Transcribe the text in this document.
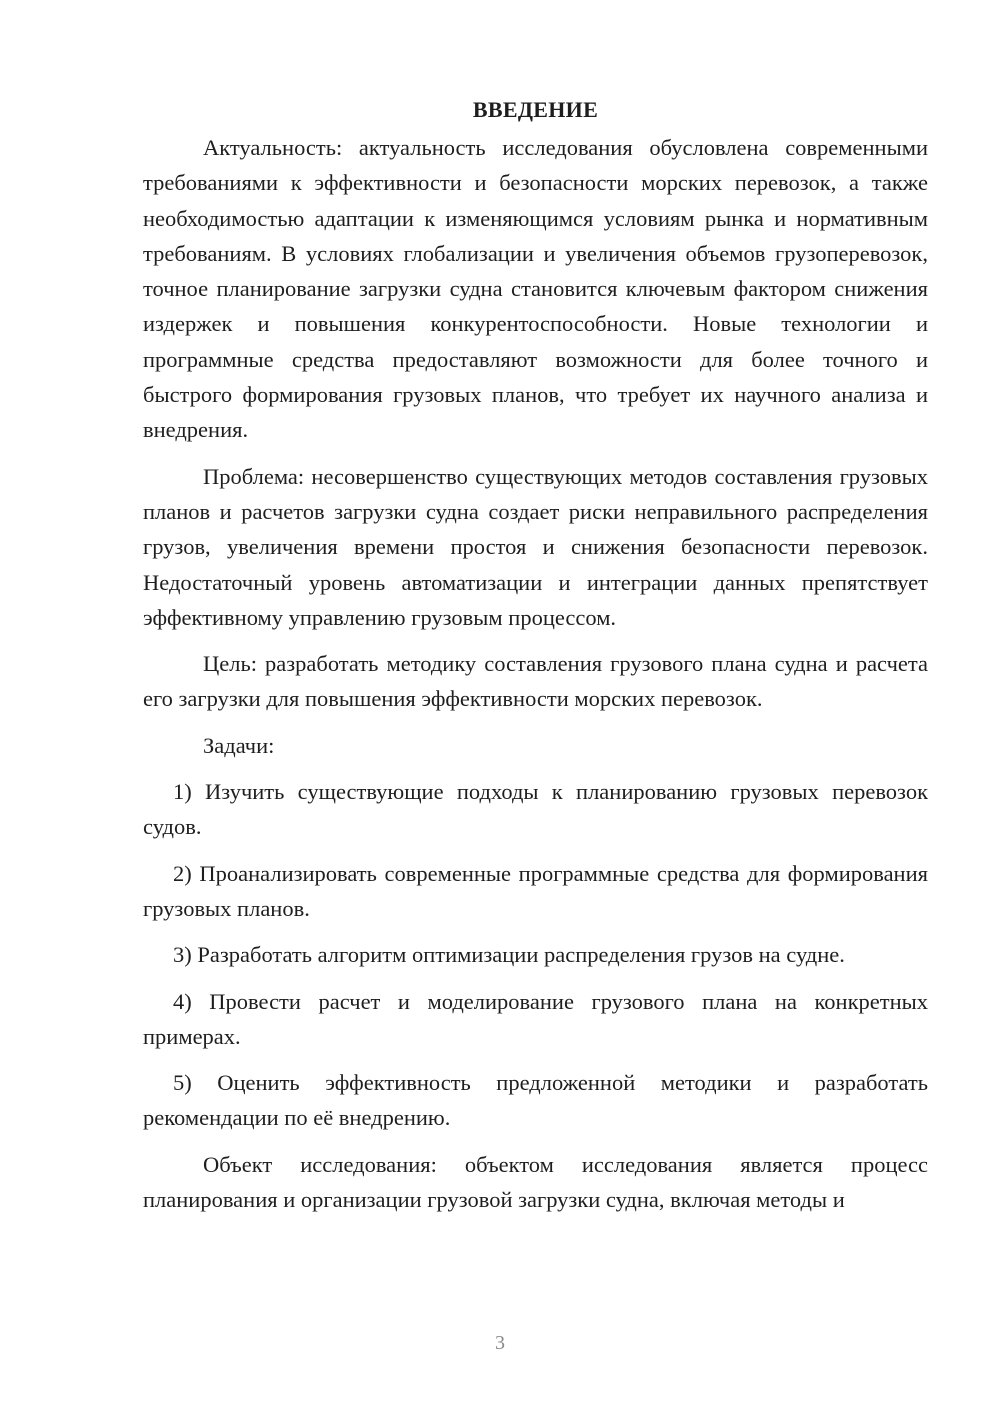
ВВЕДЕНИЕ

Актуальность: актуальность исследования обусловлена современными требованиями к эффективности и безопасности морских перевозок, а также необходимостью адаптации к изменяющимся условиям рынка и нормативным требованиям. В условиях глобализации и увеличения объемов грузоперевозок, точное планирование загрузки судна становится ключевым фактором снижения издержек и повышения конкурентоспособности. Новые технологии и программные средства предоставляют возможности для более точного и быстрого формирования грузовых планов, что требует их научного анализа и внедрения.

Проблема: несовершенство существующих методов составления грузовых планов и расчетов загрузки судна создает риски неправильного распределения грузов, увеличения времени простоя и снижения безопасности перевозок. Недостаточный уровень автоматизации и интеграции данных препятствует эффективному управлению грузовым процессом.

Цель: разработать методику составления грузового плана судна и расчета его загрузки для повышения эффективности морских перевозок.

Задачи:

1) Изучить существующие подходы к планированию грузовых перевозок судов.

2) Проанализировать современные программные средства для формирования грузовых планов.

3) Разработать алгоритм оптимизации распределения грузов на судне.

4) Провести расчет и моделирование грузового плана на конкретных примерах.

5) Оценить эффективность предложенной методики и разработать рекомендации по её внедрению.

Объект исследования: объектом исследования является процесс планирования и организации грузовой загрузки судна, включая методы и

3
